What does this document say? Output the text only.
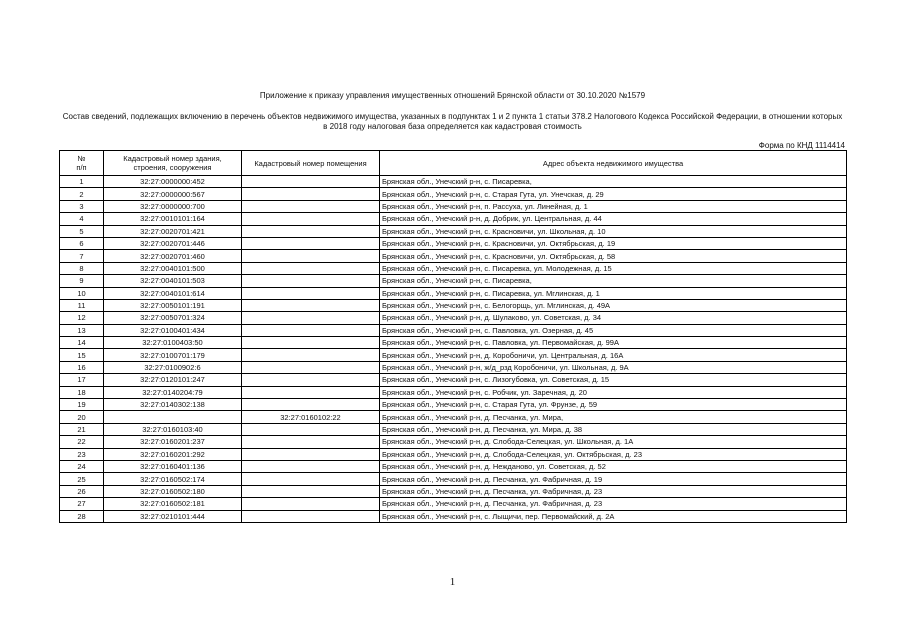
Приложение к приказу управления имущественных отношений Брянской области от 30.10.2020 №1579
Состав сведений, подлежащих включению в перечень объектов недвижимого имущества, указанных в подпунктах 1 и 2 пункта 1 статьи 378.2 Налогового Кодекса Российской Федерации, в отношении которых в 2018 году налоговая база определяется как кадастровая стоимость
Форма по КНД 1114414
№
п/п	Кадастровый номер здания, строения, сооружения	Кадастровый номер помещения	Адрес объекта недвижимого имущества
1	32:27:0000000:452		Брянская обл., Унечский р-н, с. Писаревка,
2	32:27:0000000:567		Брянская обл., Унечский р-н, с. Старая Гута, ул. Унечская, д. 29
3	32:27:0000000:700		Брянская обл., Унечский р-н, п. Рассуха, ул. Линейная, д. 1
4	32:27:0010101:164		Брянская обл., Унечский р-н, д. Добрик, ул. Центральная, д. 44
5	32:27:0020701:421		Брянская обл., Унечский р-н, с. Красновичи, ул. Школьная, д. 10
6	32:27:0020701:446		Брянская обл., Унечский р-н, с. Красновичи, ул. Октябрьская, д. 19
7	32:27:0020701:460		Брянская обл., Унечский р-н, с. Красновичи, ул. Октябрьская, д. 58
8	32:27:0040101:500		Брянская обл., Унечский р-н, с. Писаревка, ул. Молодежная, д. 15
9	32:27:0040101:503		Брянская обл., Унечский р-н, с. Писаревка,
10	32:27:0040101:614		Брянская обл., Унечский р-н, с. Писаревка, ул. Мглинская, д. 1
11	32:27:0050101:191		Брянская обл., Унечский р-н, с. Белогорщь, ул. Мглинская, д. 49А
12	32:27:0050701:324		Брянская обл., Унечский р-н, д. Шулаково, ул. Советская, д. 34
13	32:27:0100401:434		Брянская обл., Унечский р-н, с. Павловка, ул. Озерная, д. 45
14	32:27:0100403:50		Брянская обл., Унечский р-н, с. Павловка, ул. Первомайская, д. 99А
15	32:27:0100701:179		Брянская обл., Унечский р-н, д. Коробоничи, ул. Центральная, д. 16А
16	32:27:0100902:6		Брянская обл., Унечский р-н, ж/д_рзд Коробоничи, ул. Школьная, д. 9А
17	32:27:0120101:247		Брянская обл., Унечский р-н, с. Лизогубовка, ул. Советская, д. 15
18	32:27:0140204:79		Брянская обл., Унечский р-н, с. Робчик, ул. Заречная, д. 20
19	32:27:0140302:138		Брянская обл., Унечский р-н, с. Старая Гута, ул. Фрунзе, д. 59
20		32:27:0160102:22	Брянская обл., Унечский р-н, д. Песчанка, ул. Мира,
21	32:27:0160103:40		Брянская обл., Унечский р-н, д. Песчанка, ул. Мира, д. 38
22	32:27:0160201:237		Брянская обл., Унечский р-н, д. Слобода-Селецкая, ул. Школьная, д. 1А
23	32:27:0160201:292		Брянская обл., Унечский р-н, д. Слобода-Селецкая, ул. Октябрьская, д. 23
24	32:27:0160401:136		Брянская обл., Унечский р-н, д. Нежданово, ул. Советская, д. 52
25	32:27:0160502:174		Брянская обл., Унечский р-н, д. Песчанка, ул. Фабричная, д. 19
26	32:27:0160502:180		Брянская обл., Унечский р-н, д. Песчанка, ул. Фабричная, д. 23
27	32:27:0160502:181		Брянская обл., Унечский р-н, д. Песчанка, ул. Фабричная, д. 23
28	32:27:0210101:444		Брянская обл., Унечский р-н, с. Лыщичи, пер. Первомайский, д. 2А
1
